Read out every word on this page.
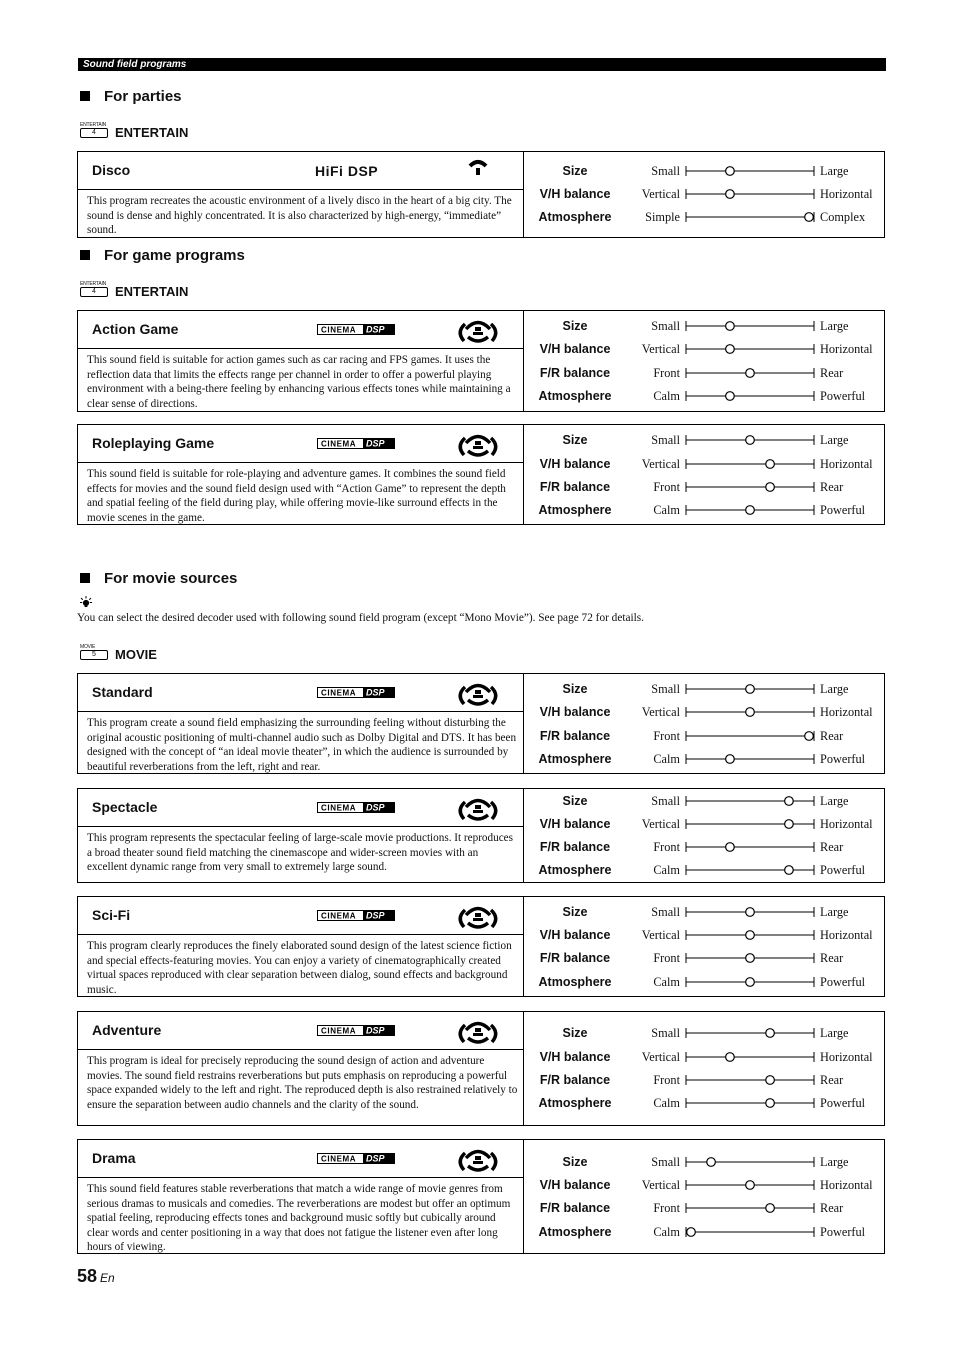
Sound field programs
For parties
ENTERTAIN
4	ENTERTAIN
For game programs
ENTERTAIN
4	ENTERTAIN
For movie sources
You can select the desired decoder used with following sound field program (except “Mono Movie”). See page 72 for details.
MOVIE
5	MOVIE
Disco	HiFi DSP
This program recreates the acoustic environment of a lively disco in the heart of a big city. The sound is dense and highly concentrated. It is also characterized by high-energy, “immediate” sound.
Size	Small	Large
V/H balance	Vertical	Horizontal
Atmosphere	Simple	Complex
Action Game	CINEMA DSP
This sound field is suitable for action games such as car racing and FPS games. It uses the reflection data that limits the effects range per channel in order to offer a powerful playing environment with a being-there feeling by enhancing various effects tones while maintaining a clear sense of directions.
Size	Small	Large
V/H balance	Vertical	Horizontal
F/R balance	Front	Rear
Atmosphere	Calm	Powerful
Roleplaying Game	CINEMA DSP
This sound field is suitable for role-playing and adventure games. It combines the sound field effects for movies and the sound field design used with “Action Game” to represent the depth and spatial feeling of the field during play, while offering movie-like surround effects in the movie scenes in the game.
Size	Small	Large
V/H balance	Vertical	Horizontal
F/R balance	Front	Rear
Atmosphere	Calm	Powerful
Standard	CINEMA DSP
This program create a sound field emphasizing the surrounding feeling without disturbing the original acoustic positioning of multi-channel audio such as Dolby Digital and DTS. It has been designed with the concept of “an ideal movie theater”, in which the audience is surrounded by beautiful reverberations from the left, right and rear.
Size	Small	Large
V/H balance	Vertical	Horizontal
F/R balance	Front	Rear
Atmosphere	Calm	Powerful
Spectacle	CINEMA DSP
This program represents the spectacular feeling of large-scale movie productions. It reproduces a broad theater sound field matching the cinemascope and wider-screen movies with an excellent dynamic range from very small to extremely large sound.
Size	Small	Large
V/H balance	Vertical	Horizontal
F/R balance	Front	Rear
Atmosphere	Calm	Powerful
Sci-Fi	CINEMA DSP
This program clearly reproduces the finely elaborated sound design of the latest science fiction and special effects-featuring movies. You can enjoy a variety of cinematographically created virtual spaces reproduced with clear separation between dialog, sound effects and background music.
Size	Small	Large
V/H balance	Vertical	Horizontal
F/R balance	Front	Rear
Atmosphere	Calm	Powerful
Adventure	CINEMA DSP
This program is ideal for precisely reproducing the sound design of action and adventure movies. The sound field restrains reverberations but puts emphasis on reproducing a powerful space expanded widely to the left and right. The reproduced depth is also restrained relatively to ensure the separation between audio channels and the clarity of the sound.
Size	Small	Large
V/H balance	Vertical	Horizontal
F/R balance	Front	Rear
Atmosphere	Calm	Powerful
Drama	CINEMA DSP
This sound field features stable reverberations that match a wide range of movie genres from serious dramas to musicals and comedies. The reverberations are modest but offer an optimum spatial feeling, reproducing effects tones and background music softly but cubically around clear words and center positioning in a way that does not fatigue the listener even after long hours of viewing.
Size	Small	Large
V/H balance	Vertical	Horizontal
F/R balance	Front	Rear
Atmosphere	Calm	Powerful
58 En
